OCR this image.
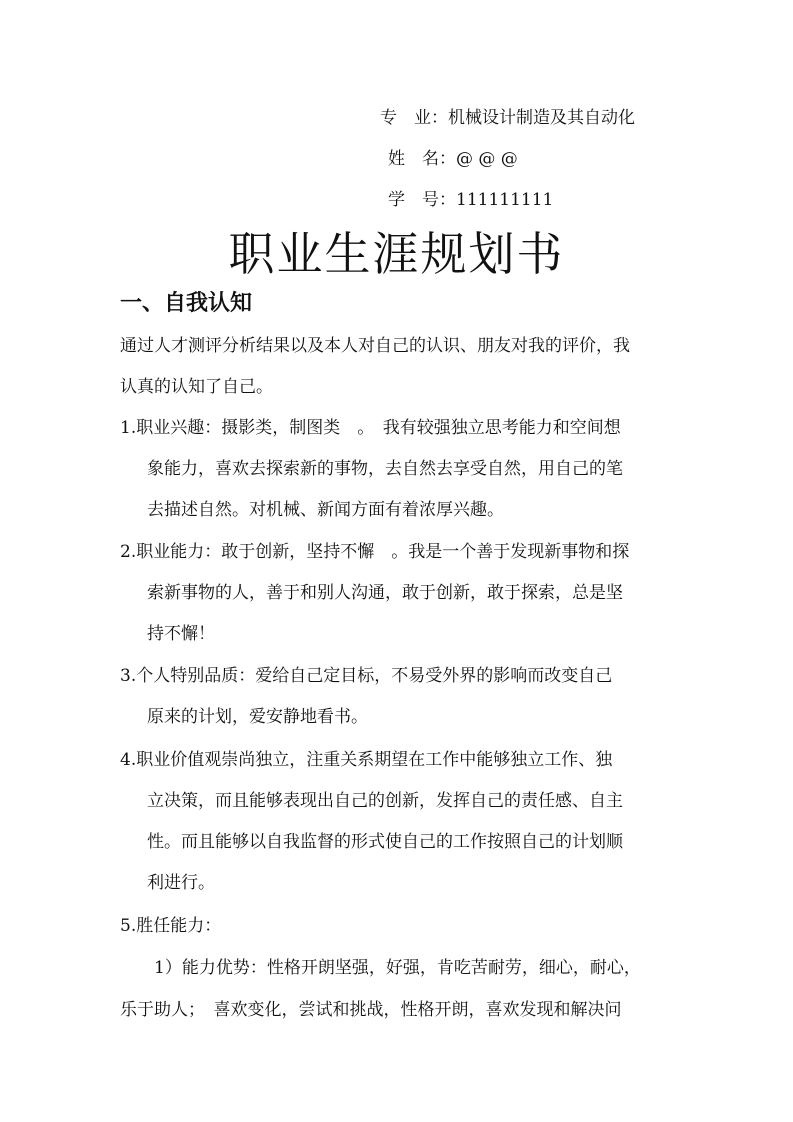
专　业：机械设计制造及其自动化
姓　名：@ @ @
学　号：111111111
职业生涯规划书
一、自我认知

通过人才测评分析结果以及本人对自己的认识、朋友对我的评价，我

认真的认知了自己。

1.职业兴趣：摄影类，制图类　。　我有较强独立思考能力和空间想
象能力，喜欢去探索新的事物，去自然去享受自然，用自己的笔
去描述自然。对机械、新闻方面有着浓厚兴趣。
2.职业能力：敢于创新，坚持不懈　。我是一个善于发现新事物和探
索新事物的人，善于和别人沟通，敢于创新，敢于探索，总是坚
持不懈！
3.个人特别品质：爱给自己定目标，不易受外界的影响而改变自己
原来的计划，爱安静地看书。
4.职业价值观崇尚独立，注重关系期望在工作中能够独立工作、独
立决策，而且能够表现出自己的创新，发挥自己的责任感、自主
性。而且能够以自我监督的形式使自己的工作按照自己的计划顺
利进行。
5.胜任能力：

1）能力优势：性格开朗坚强，好强，肯吃苦耐劳，细心，耐心，

乐于助人；　喜欢变化，尝试和挑战，性格开朗，喜欢发现和解决问
